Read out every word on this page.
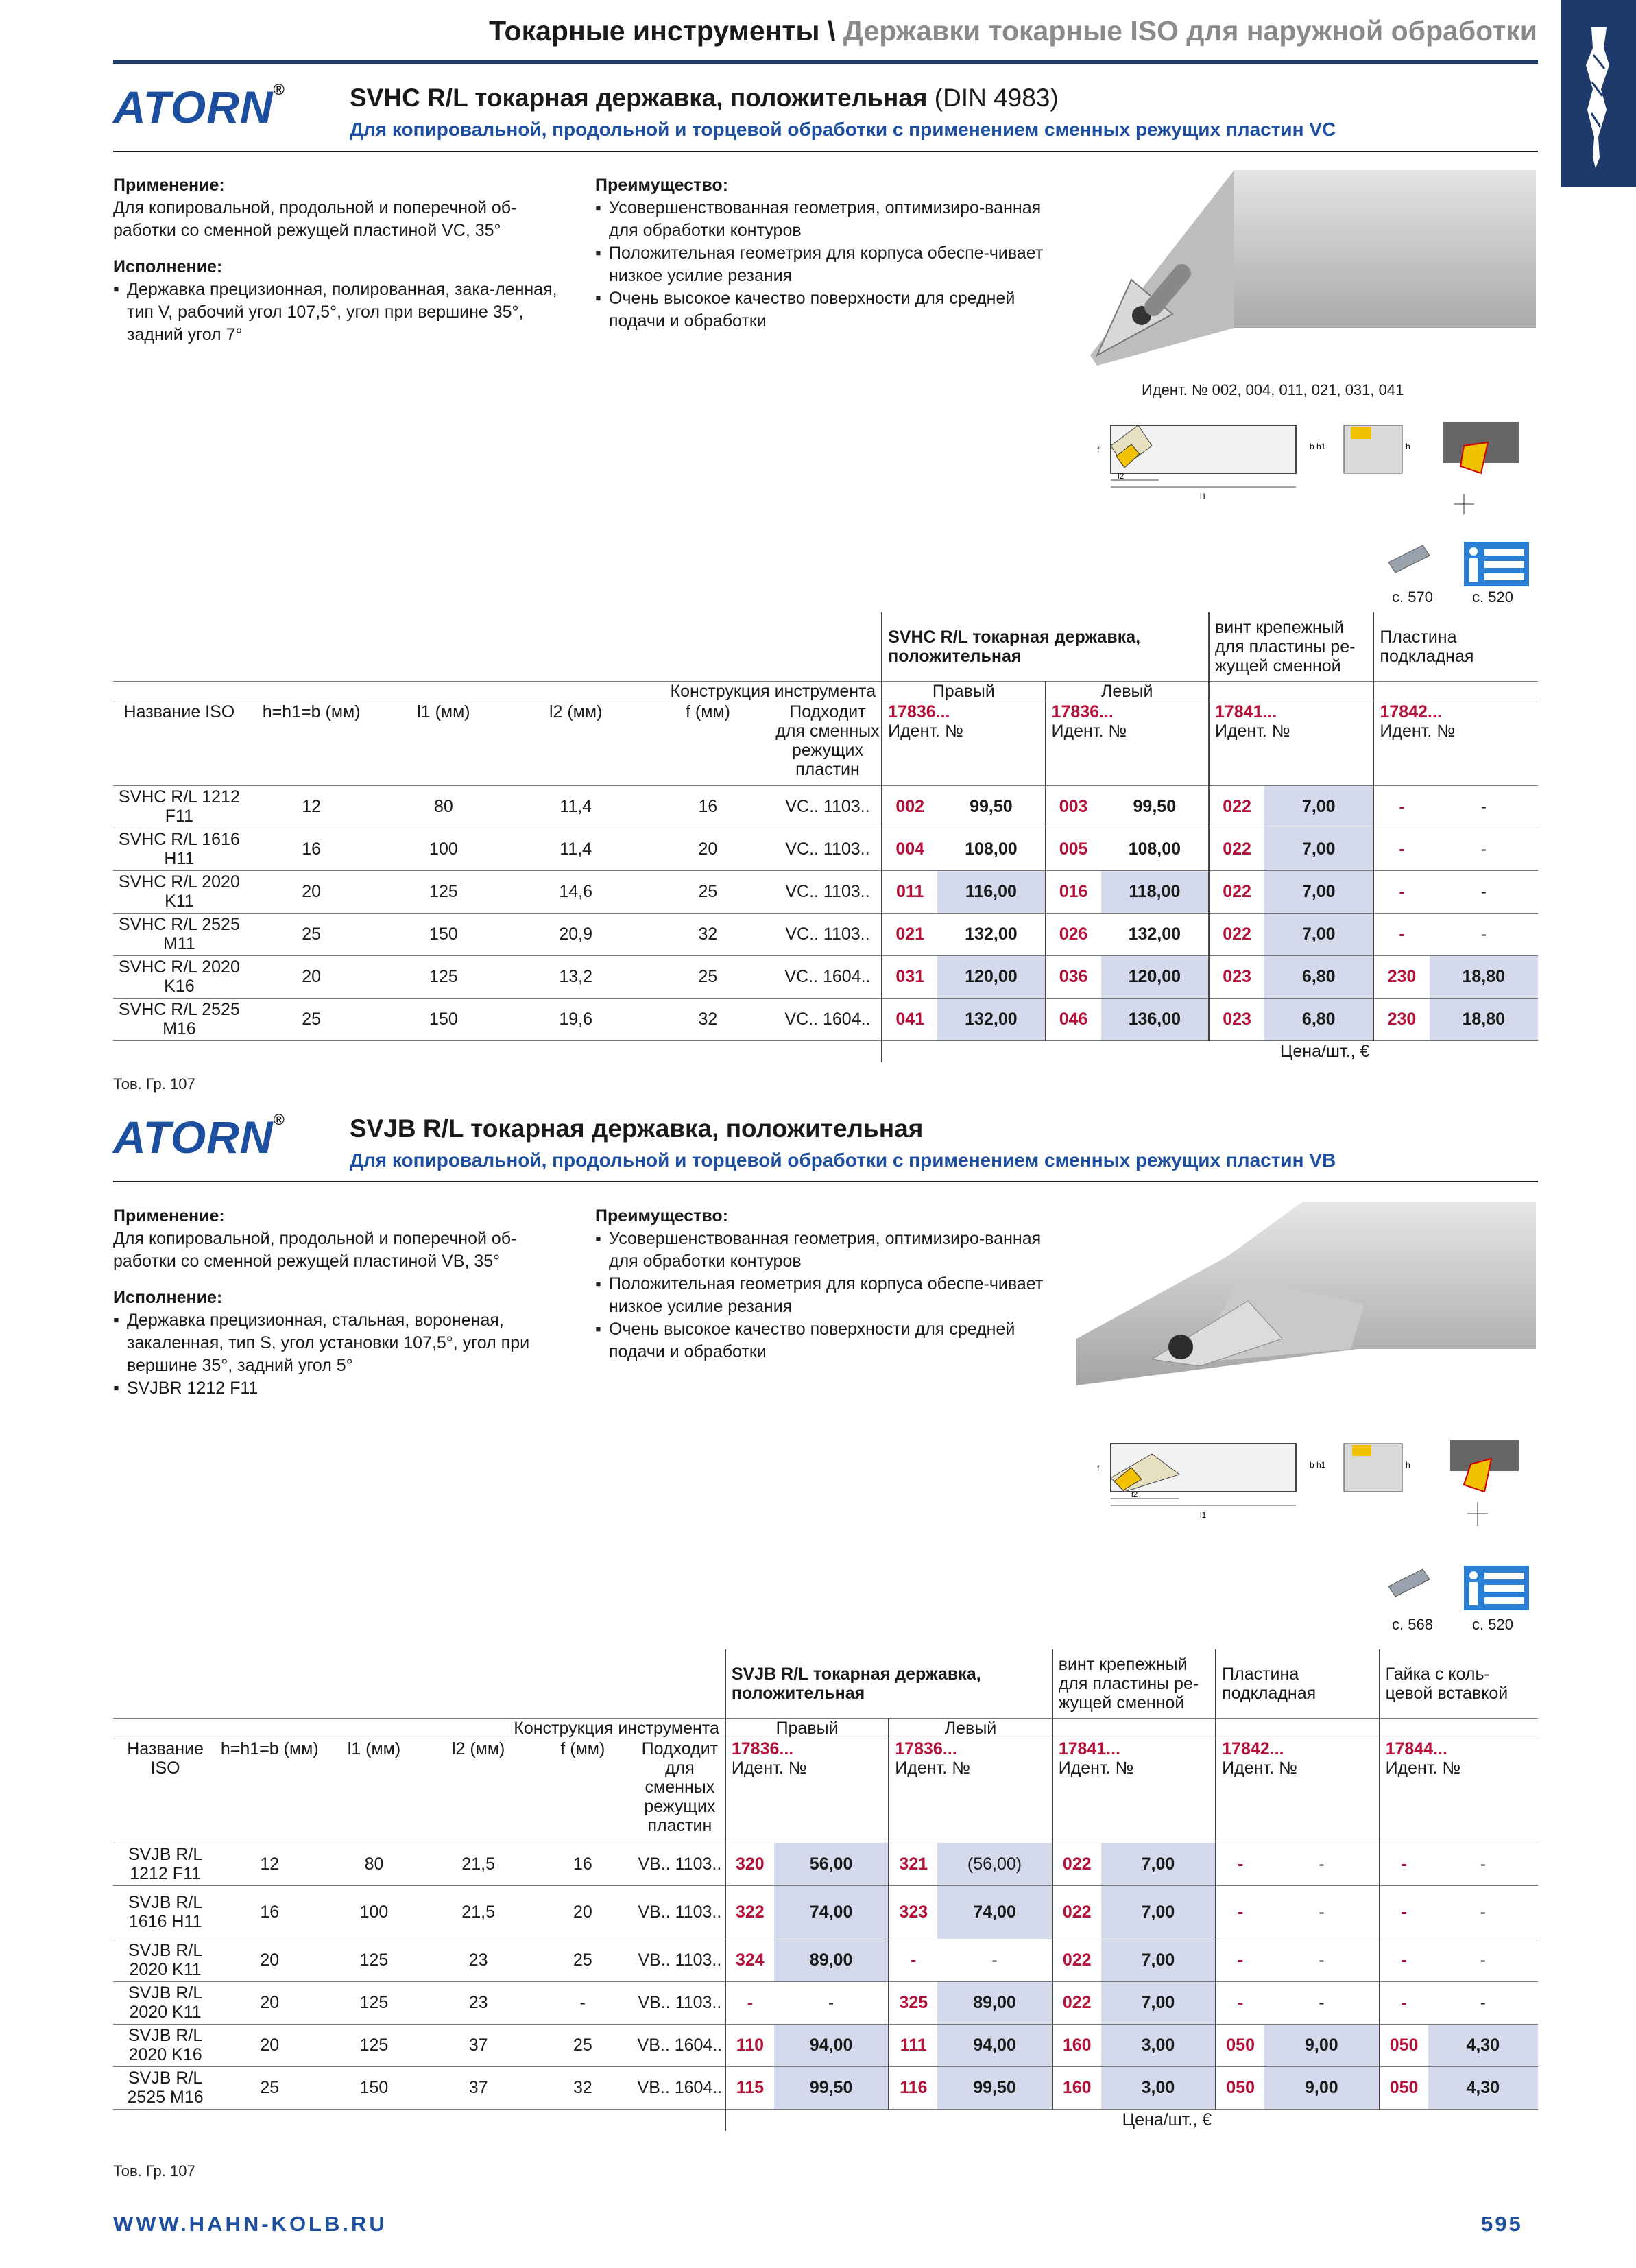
Токарные инструменты \ Державки токарные ISO для наружной обработки
ATORN®	SVHC R/L токарная державка, положительная (DIN 4983)
Для копировальной, продольной и торцевой обработки с применением сменных режущих пластин VC
Применение:
Для копировальной, продольной и поперечной об-работки со сменной режущей пластиной VC, 35°
Исполнение:
▪ Державка прецизионная, полированная, зака-ленная, тип V, рабочий угол 107,5°, угол при вершине 35°, задний угол 7°
Преимущество:
▪ Усовершенствованная геометрия, оптимизиро-ванная для обработки контуров
▪ Положительная геометрия для корпуса обеспе-чивает низкое усилие резания
▪ Очень высокое качество поверхности для средней подачи и обработки
Идент. № 002, 004, 011, 021, 031, 041
l2
l1
f	b h1	h
с. 570	с. 520
						SVHC R/L токарная державка, положительная				винт крепежный для пластины ре-жущей сменной		Пластина подкладная	
Конструкция инструмента						Правый		Левый					
Название ISO	h=h1=b (мм)	l1 (мм)	l2 (мм)	f (мм)	Подходит для сменных режущих пластин	17836...
Идент. №		17836...
Идент. №		17841...
Идент. №		17842...
Идент. №	
SVHC R/L 1212 F11	12	80	11,4	16	VC.. 1103..	002	99,50	003	99,50	022	7,00	-	-
SVHC R/L 1616 H11	16	100	11,4	20	VC.. 1103..	004	108,00	005	108,00	022	7,00	-	-
SVHC R/L 2020 K11	20	125	14,6	25	VC.. 1103..	011	116,00	016	118,00	022	7,00	-	-
SVHC R/L 2525 M11	25	150	20,9	32	VC.. 1103..	021	132,00	026	132,00	022	7,00	-	-
SVHC R/L 2020 K16	20	125	13,2	25	VC.. 1604..	031	120,00	036	120,00	023	6,80	230	18,80
SVHC R/L 2525 M16	25	150	19,6	32	VC.. 1604..	041	132,00	046	136,00	023	6,80	230	18,80
						Цена/шт., €							
Тов. Гр. 107
ATORN®	SVJB R/L токарная державка, положительная
Для копировальной, продольной и торцевой обработки с применением сменных режущих пластин VB
Применение:
Для копировальной, продольной и поперечной об-работки со сменной режущей пластиной VB, 35°
Исполнение:
▪ Державка прецизионная, стальная, вороненая, закаленная, тип S, угол установки 107,5°, угол при вершине 35°, задний угол 5°
▪ SVJBR 1212 F11
Преимущество:
▪ Усовершенствованная геометрия, оптимизиро-ванная для обработки контуров
▪ Положительная геометрия для корпуса обеспе-чивает низкое усилие резания
▪ Очень высокое качество поверхности для средней подачи и обработки
l2
l1
f	b h1	h
с. 568	с. 520
						SVJB R/L токарная державка, положительная				винт крепежный для пластины ре-жущей сменной		Пластина подкладная		Гайка с коль-цевой вставкой	
Конструкция инструмента						Правый		Левый							
Название ISO	h=h1=b (мм)	l1 (мм)	l2 (мм)	f (мм)	Подходит для сменных режущих пластин	17836...
Идент. №		17836...
Идент. №		17841...
Идент. №		17842...
Идент. №		17844...
Идент. №	
SVJB R/L 1212 F11	12	80	21,5	16	VB.. 1103..	320	56,00	321	(56,00)	022	7,00	-	-	-	-
SVJB R/L 1616 H11	16	100	21,5	20	VB.. 1103..	322	74,00	323	74,00	022	7,00	-	-	-	-
SVJB R/L 2020 K11	20	125	23	25	VB.. 1103..	324	89,00	-	-	022	7,00	-	-	-	-
SVJB R/L 2020 K11	20	125	23	-	VB.. 1103..	-	-	325	89,00	022	7,00	-	-	-	-
SVJB R/L 2020 K16	20	125	37	25	VB.. 1604..	110	94,00	111	94,00	160	3,00	050	9,00	050	4,30
SVJB R/L 2525 M16	25	150	37	32	VB.. 1604..	115	99,50	116	99,50	160	3,00	050	9,00	050	4,30
						Цена/шт., €									
Тов. Гр. 107
WWW.HAHN-KOLB.RU	595
